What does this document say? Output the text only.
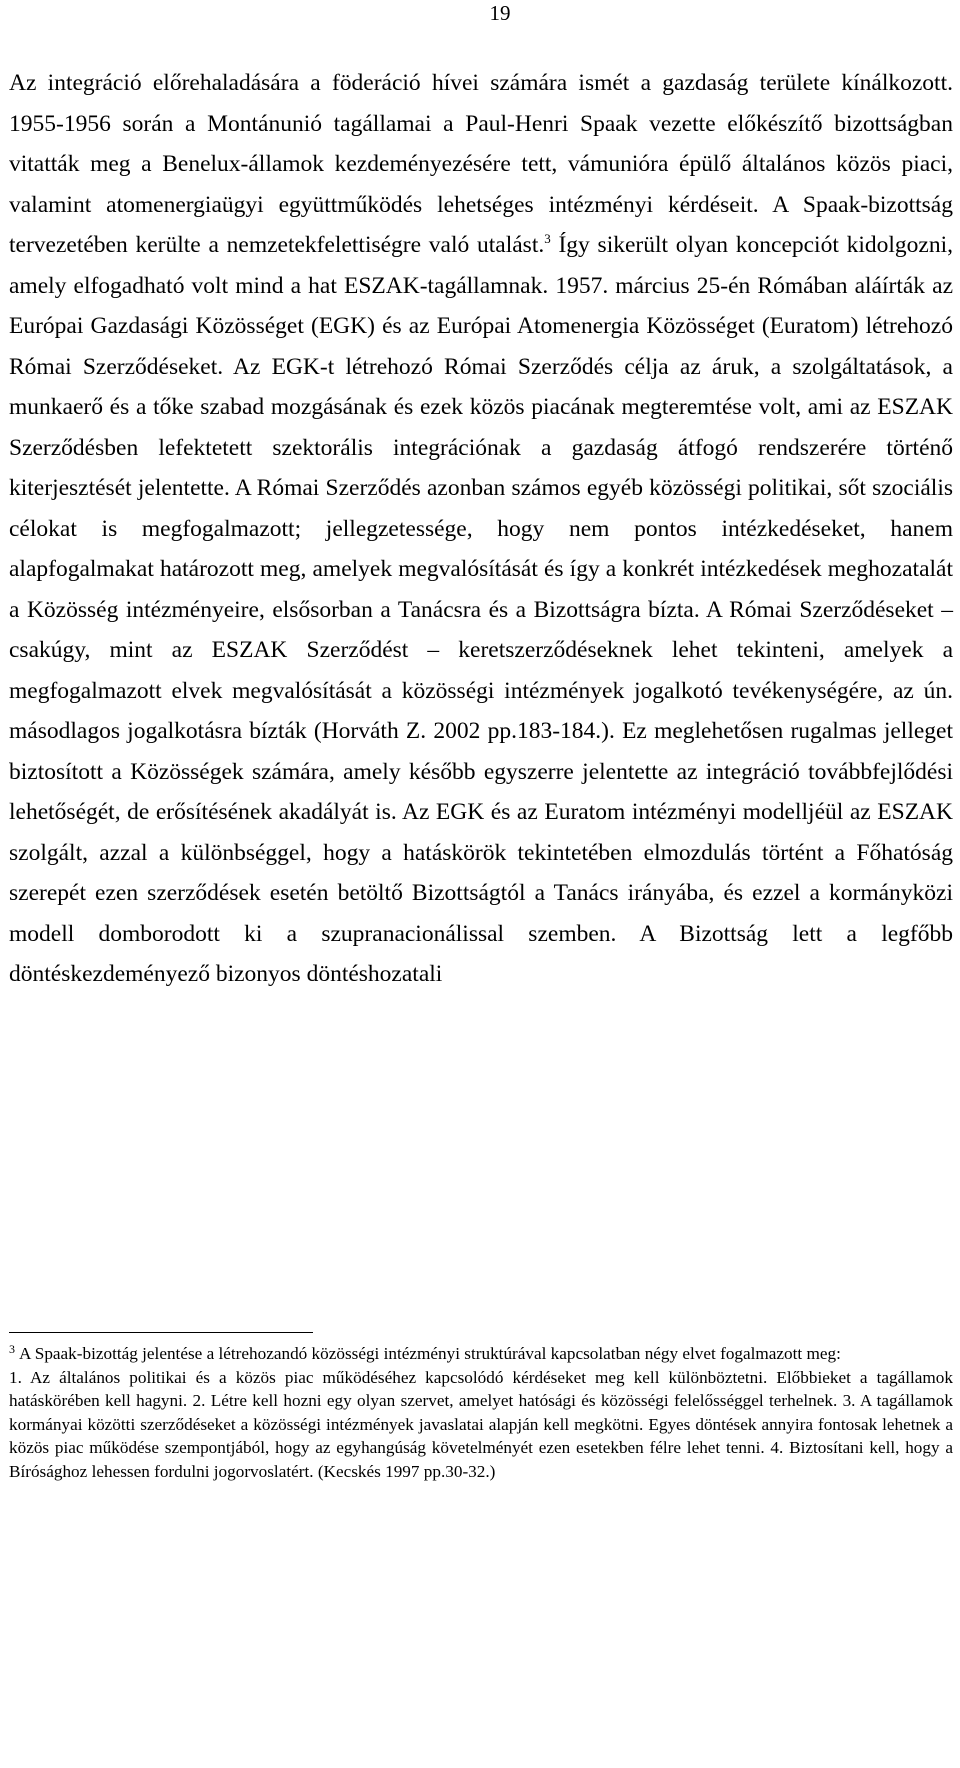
19

Az integráció előrehaladására a föderáció hívei számára ismét a gazdaság területe kínálkozott. 1955-1956 során a Montánunió tagállamai a Paul-Henri Spaak vezette előkészítő bizottságban vitatták meg a Benelux-államok kezdeményezésére tett, vámunióra épülő általános közös piaci, valamint atomenergiaügyi együttműködés lehetséges intézményi kérdéseit. A Spaak-bizottság tervezetében kerülte a nemzetekfelettiségre való utalást.$^3$ Így sikerült olyan koncepciót kidolgozni, amely elfogadható volt mind a hat ESZAK-tagállamnak. 1957. március 25-én Rómában aláírták az Európai Gazdasági Közösséget (EGK) és az Európai Atomenergia Közösséget (Euratom) létrehozó Római Szerződéseket. Az EGK-t létrehozó Római Szerződés célja az áruk, a szolgáltatások, a munkaerő és a tőke szabad mozgásának és ezek közös piacának megteremtése volt, ami az ESZAK Szerződésben lefektetett szektorális integrációnak a gazdaság átfogó rendszerére történő kiterjesztését jelentette. A Római Szerződés azonban számos egyéb közösségi politikai, sőt szociális célokat is megfogalmazott; jellegzetessége, hogy nem pontos intézkedéseket, hanem alapfogalmakat határozott meg, amelyek megvalósítását és így a konkrét intézkedések meghozatalát a Közösség intézményeire, elsősorban a Tanácsra és a Bizottságra bízta. A Római Szerződéseket – csakúgy, mint az ESZAK Szerződést – keretszerződéseknek lehet tekinteni, amelyek a megfogalmazott elvek megvalósítását a közösségi intézmények jogalkotó tevékenységére, az ún. másodlagos jogalkotásra bízták (Horváth Z. 2002 pp.183-184.). Ez meglehetősen rugalmas jelleget biztosított a Közösségek számára, amely később egyszerre jelentette az integráció továbbfejlődési lehetőségét, de erősítésének akadályát is. Az EGK és az Euratom intézményi modelljéül az ESZAK szolgált, azzal a különbséggel, hogy a hatáskörök tekintetében elmozdulás történt a Főhatóság szerepét ezen szerződések esetén betöltő Bizottságtól a Tanács irányába, és ezzel a kormányközi modell domborodott ki a szupranacionálissal szemben. A Bizottság lett a legfőbb döntéskezdeményező bizonyos döntéshozatali

$^3$ A Spaak-bizottág jelentése a létrehozandó közösségi intézményi struktúrával kapcsolatban négy elvet fogalmazott meg:

1. Az általános politikai és a közös piac működéséhez kapcsolódó kérdéseket meg kell különböztetni. Előbbieket a tagállamok hatáskörében kell hagyni. 2. Létre kell hozni egy olyan szervet, amelyet hatósági és közösségi felelősséggel terhelnek. 3. A tagállamok kormányai közötti szerződéseket a közösségi intézmények javaslatai alapján kell megkötni. Egyes döntések annyira fontosak lehetnek a közös piac működése szempontjából, hogy az egyhangúság követelményét ezen esetekben félre lehet tenni. 4. Biztosítani kell, hogy a Bírósághoz lehessen fordulni jogorvoslatért. (Kecskés 1997 pp.30-32.)
